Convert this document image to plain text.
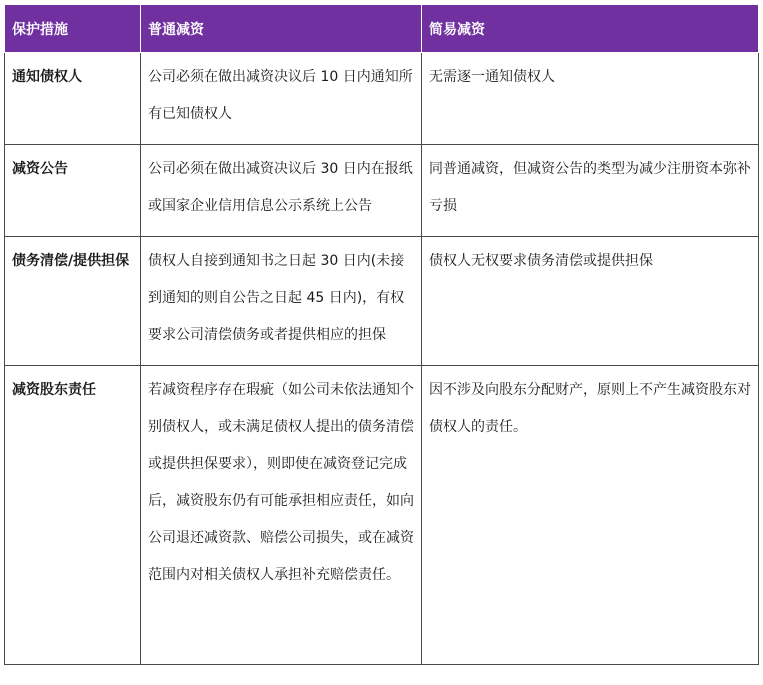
保护措施	普通减资	简易减资
通知债权人	公司必须在做出减资决议后 10 日内通知所有已知债权人	无需逐一通知债权人
减资公告	公司必须在做出减资决议后 30 日内在报纸或国家企业信用信息公示系统上公告	同普通减资，但减资公告的类型为减少注册资本弥补亏损
债务清偿/提供担保	债权人自接到通知书之日起 30 日内(未接到通知的则自公告之日起 45 日内)，有权要求公司清偿债务或者提供相应的担保	债权人无权要求债务清偿或提供担保
减资股东责任	若减资程序存在瑕疵（如公司未依法通知个别债权人，或未满足债权人提出的债务清偿或提供担保要求），则即使在减资登记完成后，减资股东仍有可能承担相应责任，如向公司退还减资款、赔偿公司损失，或在减资范围内对相关债权人承担补充赔偿责任。	因不涉及向股东分配财产，原则上不产生减资股东对债权人的责任。
